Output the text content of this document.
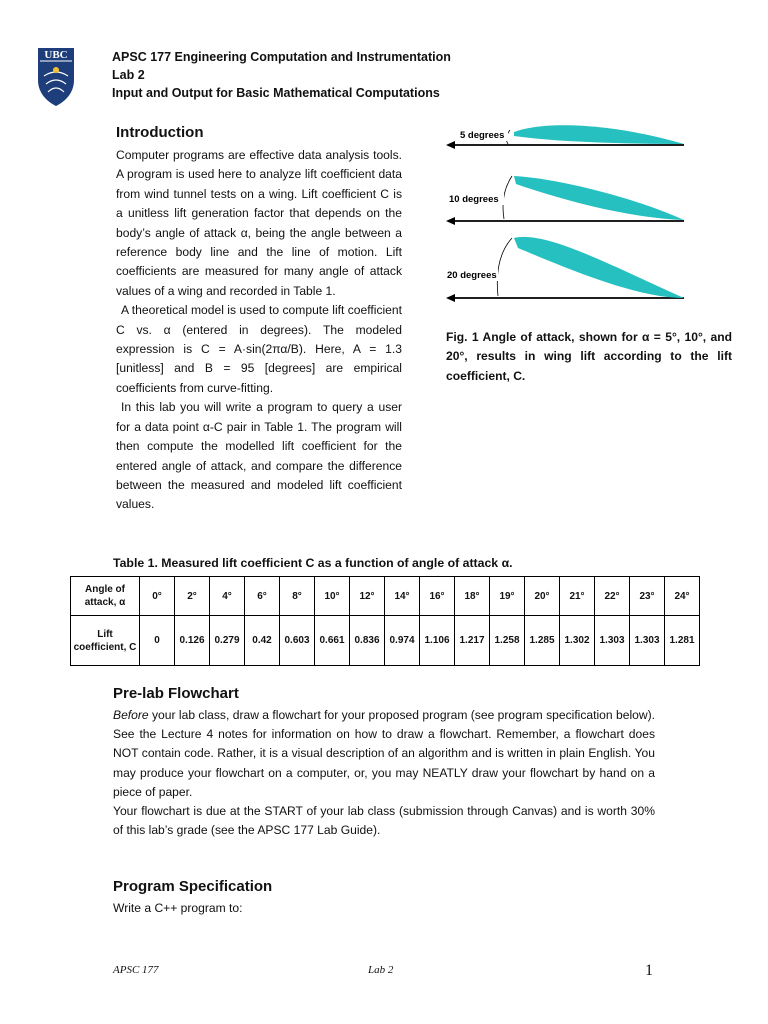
UBC	APSC 177 Engineering Computation and Instrumentation
Lab 2
Input and Output for Basic Mathematical Computations
Introduction

Computer programs are effective data analysis tools. A program is used here to analyze lift coefficient data from wind tunnel tests on a wing. Lift coefficient C is a unitless lift generation factor that depends on the body’s angle of attack α, being the angle between a reference body line and the line of motion. Lift coefficients are measured for many angle of attack values of a wing and recorded in Table 1.

A theoretical model is used to compute lift coefficient C vs. α (entered in degrees). The modeled expression is C = A·sin(2πα/B). Here, A = 1.3 [unitless] and B = 95 [degrees] are empirical coefficients from curve-fitting.

In this lab you will write a program to query a user for a data point α-C pair in Table 1. The program will then compute the modelled lift coefficient for the entered angle of attack, and compare the difference between the measured and modeled lift coefficient values.

5 degrees
10 degrees
20 degrees
Fig. 1 Angle of attack, shown for α = 5°, 10°, and 20°, results in wing lift according to the lift coefficient, C.
Table 1. Measured lift coefficient C as a function of angle of attack α.
Angle of attack, α	0°	2°	4°	6°	8°	10°	12°	14°	16°	18°	19°	20°	21°	22°	23°	24°
Lift coefficient, C	0	0.126	0.279	0.42	0.603	0.661	0.836	0.974	1.106	1.217	1.258	1.285	1.302	1.303	1.303	1.281
Pre-lab Flowchart

Before your lab class, draw a flowchart for your proposed program (see program specification below). See the Lecture 4 notes for information on how to draw a flowchart. Remember, a flowchart does NOT contain code. Rather, it is a visual description of an algorithm and is written in plain English. You may produce your flowchart on a computer, or, you may NEATLY draw your flowchart by hand on a piece of paper.

Your flowchart is due at the START of your lab class (submission through Canvas) and is worth 30% of this lab’s grade (see the APSC 177 Lab Guide).

Program Specification

Write a C++ program to:

APSC 177	Lab 2	1
